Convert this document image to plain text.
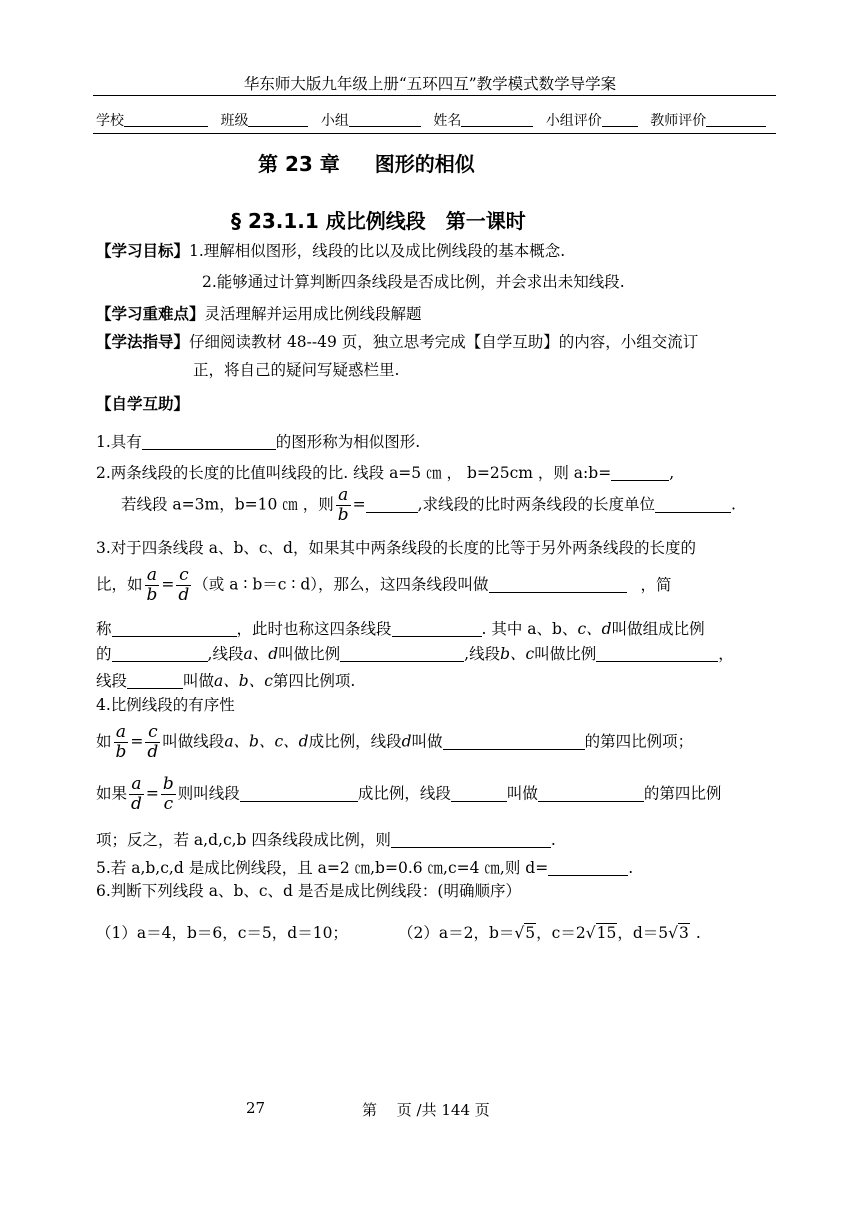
华东师大版九年级上册“五环四互”教学模式数学导学案
学校	班级	小组	姓名	小组评价	教师评价
第 23 章 图形的相似
§ 23.1.1 成比例线段　第一课时
【学习目标】1.理解相似图形，线段的比以及成比例线段的基本概念.
2.能够通过计算判断四条线段是否成比例，并会求出未知线段.
【学习重难点】灵活理解并运用成比例线段解题
【学法指导】仔细阅读教材 48--49 页，独立思考完成【自学互助】的内容，小组交流订
正，将自己的疑问写疑惑栏里.
【自学互助】
1.具有	的图形称为相似图形.
2.两条线段的长度的比值叫线段的比. 线段 a=5 ㎝ ， b=25cm ，则 a:b=	,
若线段 a=3m，b=10 ㎝ ，则 $\frac{a}{b}$ =	,求线段的比时两条线段的长度单位	.
3.对于四条线段 a、b、c、d，如果其中两条线段的长度的比等于另外两条线段的长度的
比，如 $\frac{a}{b} = \frac{c}{d}$ （或 a ∶ b＝c ∶ d），那么，这四条线段叫做	，简
称	，此时也称这四条线段	. 其中 a、b、c、d叫做组成比例
的	,线段a、d叫做比例	,线段b、c叫做比例	，
线段	叫做a、b、c第四比例项.
4.比例线段的有序性
如 $\frac{a}{b} = \frac{c}{d}$ 叫做线段a、b、c、d成比例，线段d叫做	的第四比例项；
如果 $\frac{a}{d} = \frac{b}{c}$ 则叫线段	成比例，线段	叫做	的第四比例
项；反之，若 a,d,c,b 四条线段成比例，则	.
5.若 a,b,c,d 是成比例线段，且 a=2 ㎝,b=0.6 ㎝,c=4 ㎝,则 d=	.
6.判断下列线段 a、b、c、d 是否是成比例线段：(明确顺序）
（1）a＝4，b＝6，c＝5，d＝10；	（2）a＝2，b＝√5，c＝2√15，d＝5√3 .
27	第　 页 /共 144 页
